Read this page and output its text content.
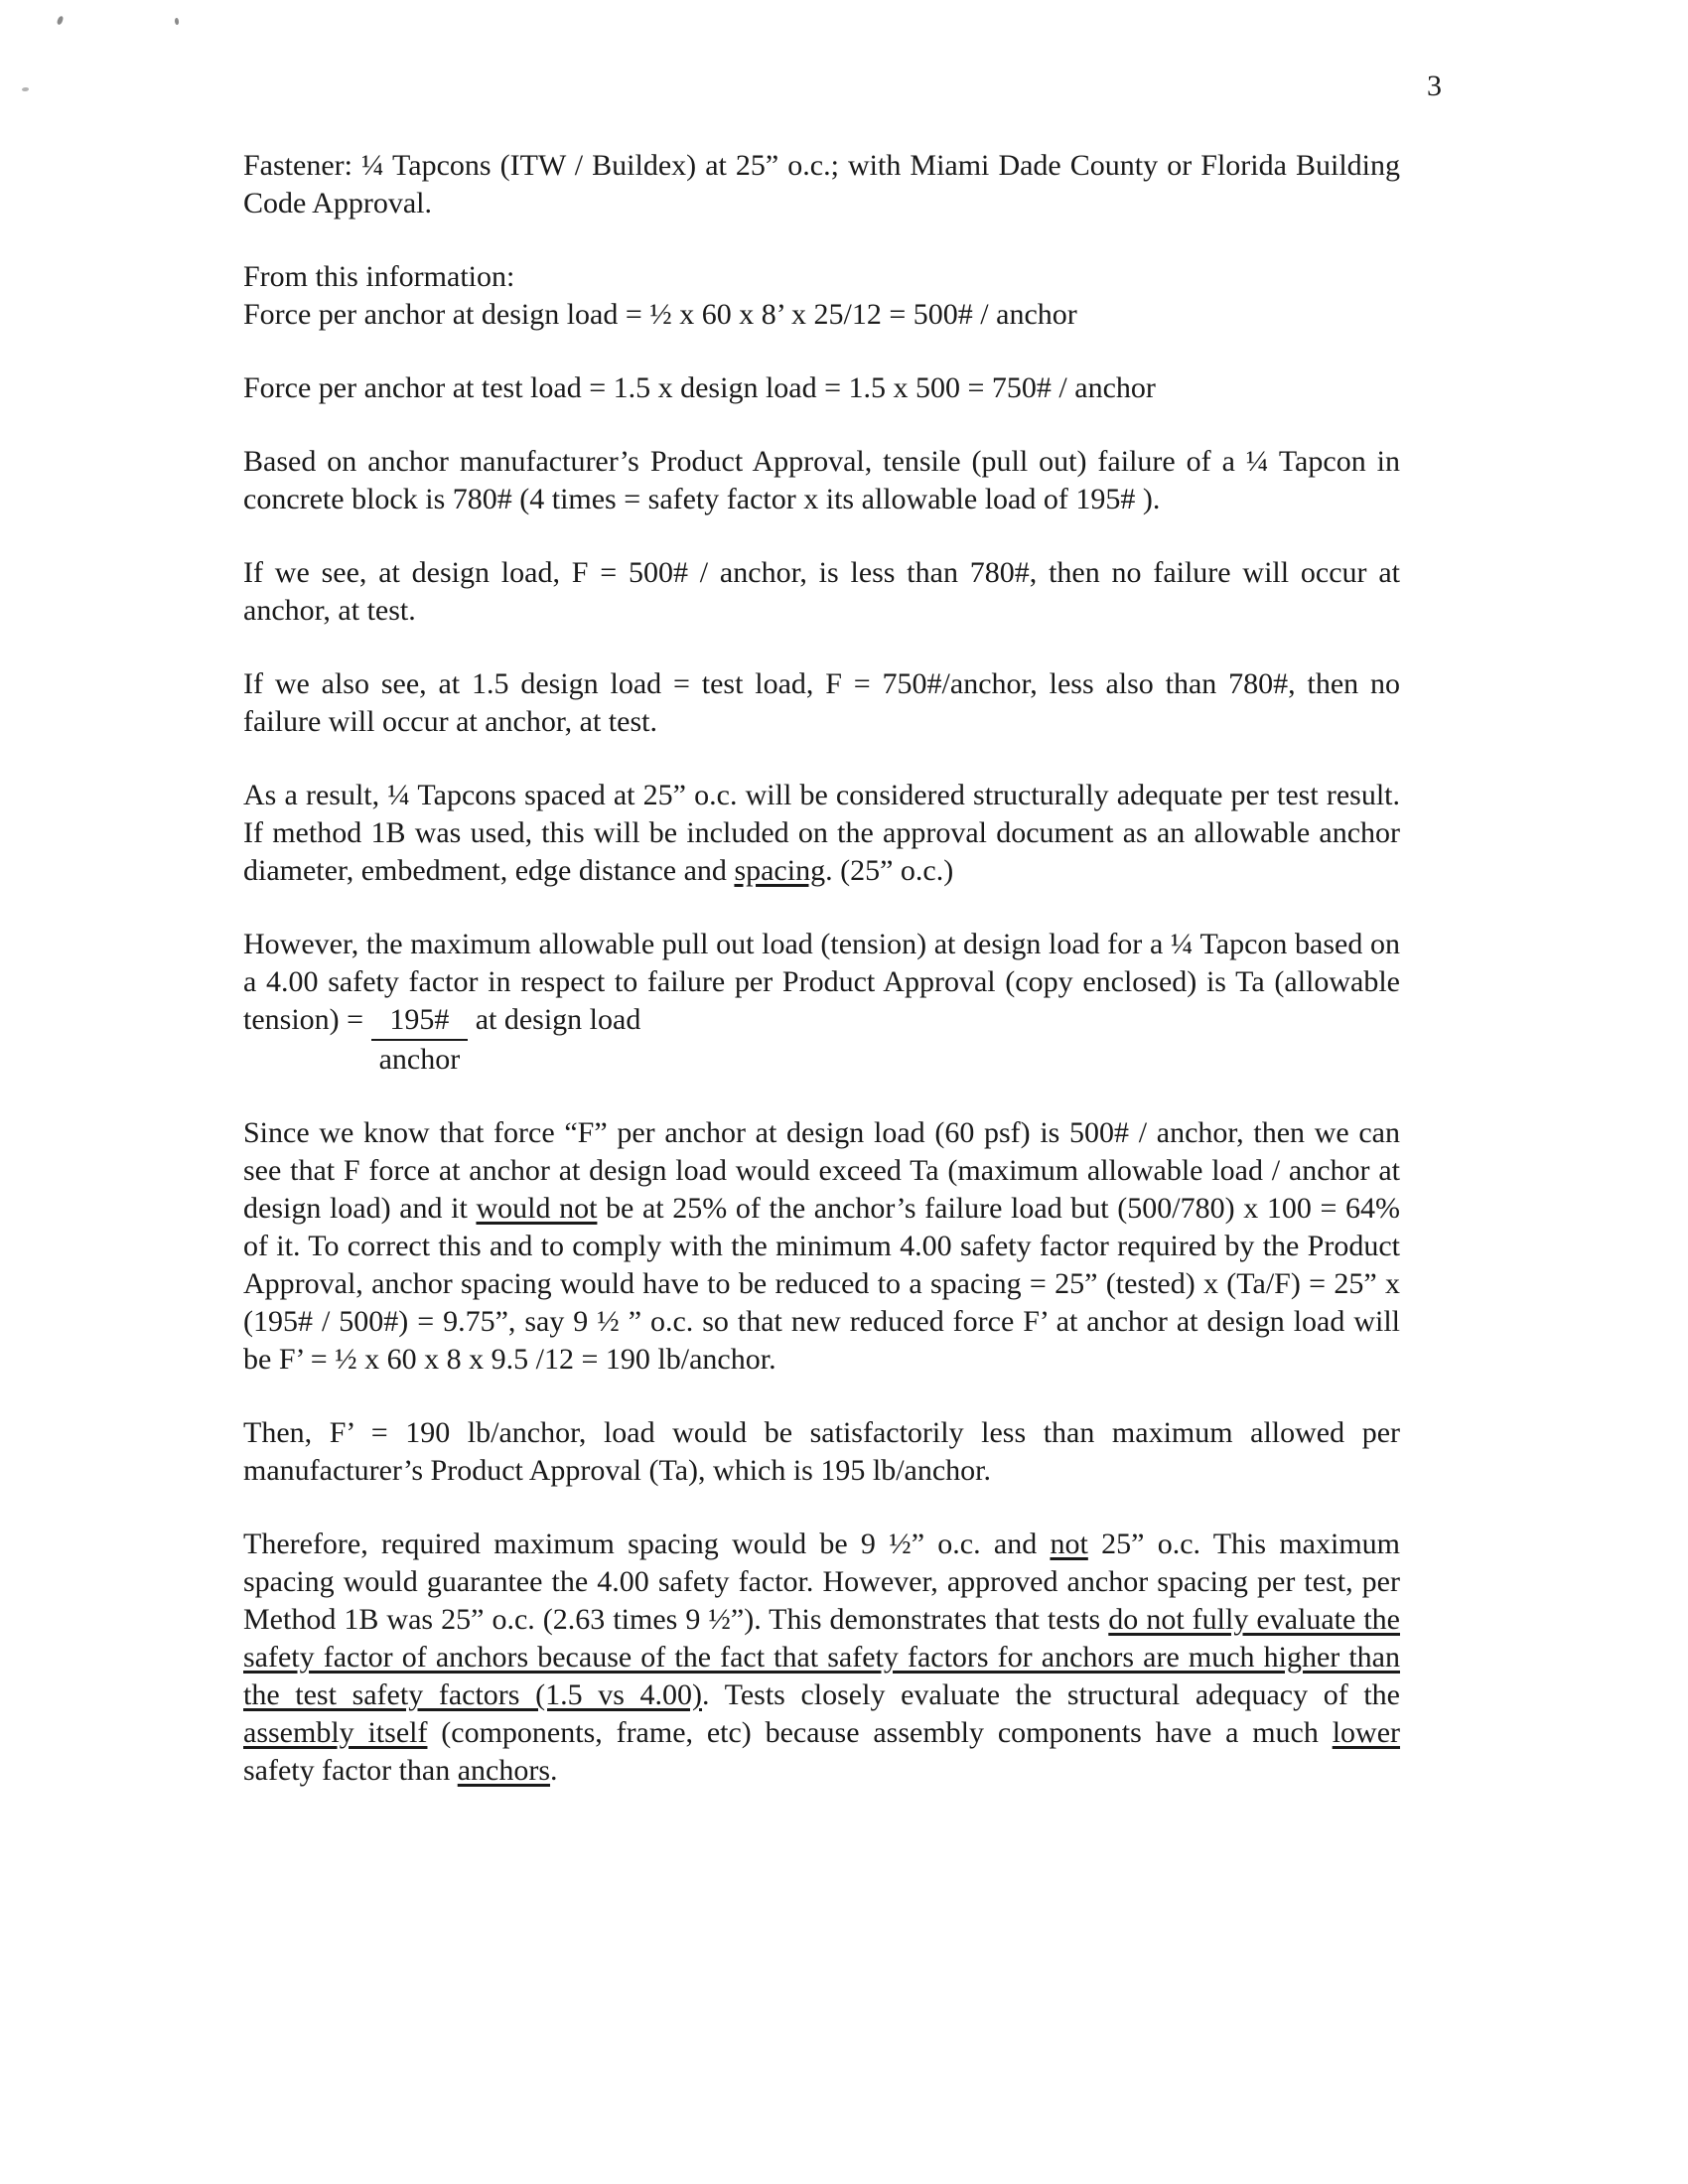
3

Fastener: ¼ Tapcons (ITW / Buildex) at 25” o.c.; with Miami Dade County or Florida Building Code Approval.

From this information:

Force per anchor at design load = ½ x 60 x 8’ x 25/12 = 500# / anchor

Force per anchor at test load = 1.5 x design load = 1.5 x 500 = 750# / anchor

Based on anchor manufacturer’s Product Approval, tensile (pull out) failure of a ¼ Tapcon in concrete block is 780# (4 times = safety factor x its allowable load of 195# ).

If we see, at design load, F = 500# / anchor, is less than 780#, then no failure will occur at anchor, at test.

If we also see, at 1.5 design load = test load, F = 750#/anchor, less also than 780#, then no failure will occur at anchor, at test.

As a result, ¼ Tapcons spaced at 25” o.c. will be considered structurally adequate per test result. If method 1B was used, this will be included on the approval document as an allowable anchor diameter, embedment, edge distance and spacing. (25” o.c.)

However, the maximum allowable pull out load (tension) at design load for a ¼ Tapcon based on a 4.00 safety factor in respect to failure per Product Approval (copy enclosed) is Ta (allowable tension) = $\frac{195\#}{\text{anchor}}$ at design load

Since we know that force “F” per anchor at design load (60 psf) is 500# / anchor, then we can see that F force at anchor at design load would exceed Ta (maximum allowable load / anchor at design load) and it would not be at 25% of the anchor’s failure load but (500/780) x 100 = 64% of it. To correct this and to comply with the minimum 4.00 safety factor required by the Product Approval, anchor spacing would have to be reduced to a spacing = 25” (tested) x (Ta/F) = 25” x (195# / 500#) = 9.75”, say 9 ½ ” o.c. so that new reduced force F’ at anchor at design load will be F’ = ½ x 60 x 8 x 9.5 /12 = 190 lb/anchor.

Then, F’ = 190 lb/anchor, load would be satisfactorily less than maximum allowed per manufacturer’s Product Approval (Ta), which is 195 lb/anchor.

Therefore, required maximum spacing would be 9 ½” o.c. and not 25” o.c. This maximum spacing would guarantee the 4.00 safety factor. However, approved anchor spacing per test, per Method 1B was 25” o.c. (2.63 times 9 ½”). This demonstrates that tests do not fully evaluate the safety factor of anchors because of the fact that safety factors for anchors are much higher than the test safety factors (1.5 vs 4.00). Tests closely evaluate the structural adequacy of the assembly itself (components, frame, etc) because assembly components have a much lower safety factor than anchors.
